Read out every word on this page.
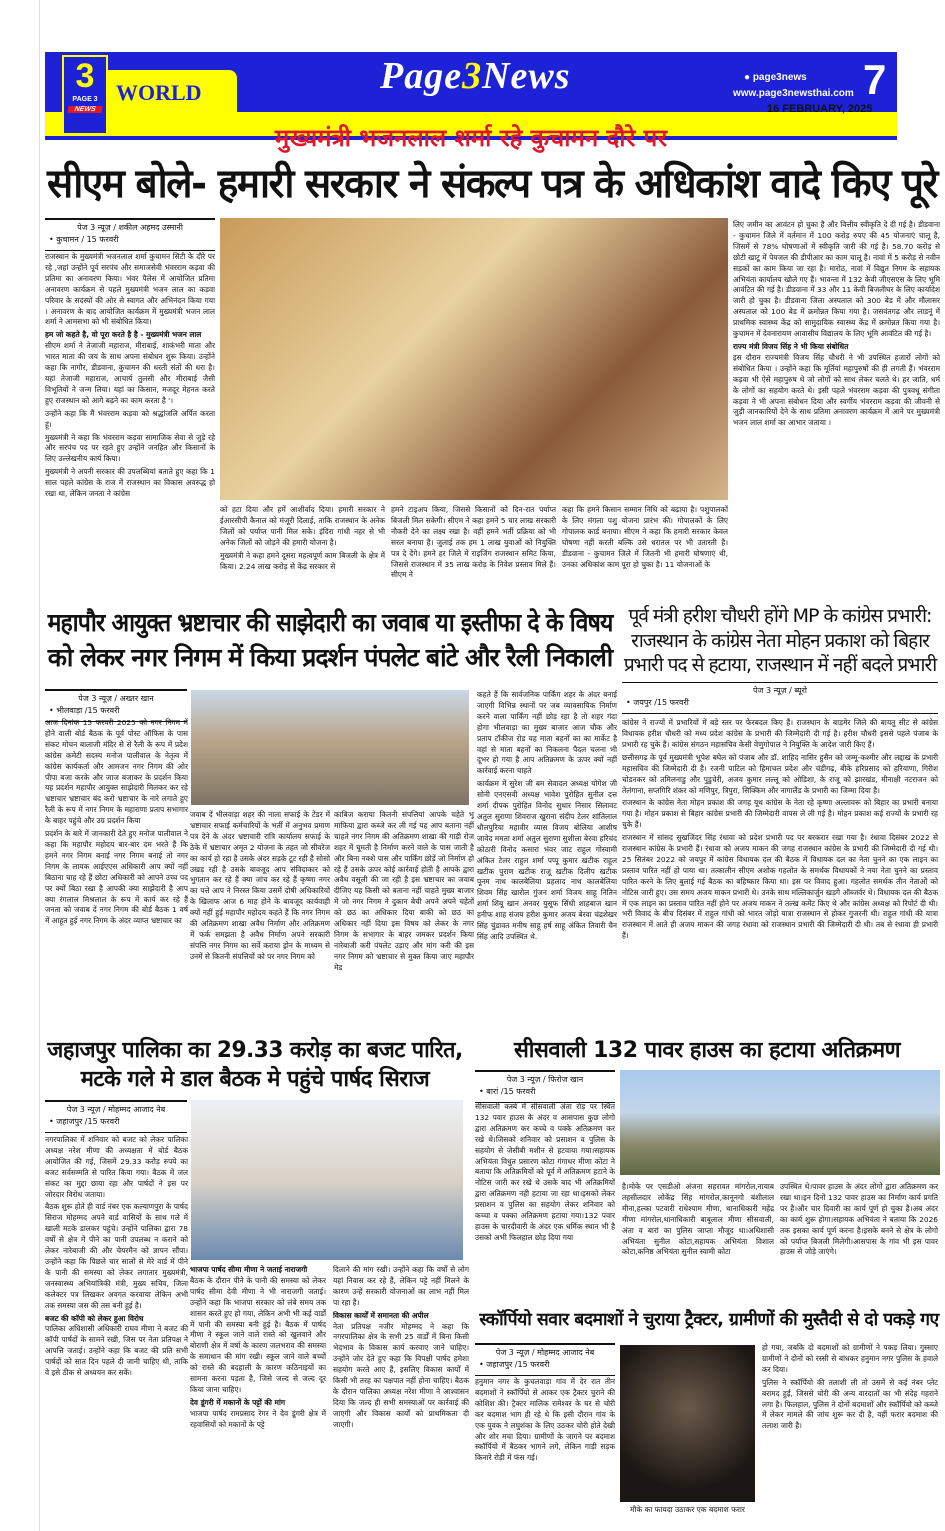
3
PAGE 3
NEWS
WORLD	Page3News	● page3news
www.page3newsthai.com 7
16 FEBRUARY, 2025
मुख्यमंत्री भजनलाल शर्मा रहे कुचामन दौरे पर
सीएम बोले- हमारी सरकार ने संकल्प पत्र के अधिकांश वादे किए पूरे
पेज 3 न्यूज़ / शकील अहमद उस्मानी
• कुचामन / 15 फरवरी

राजस्थान के मुख्यमंत्री भजनलाल शर्मा कुचामन सिटी के दौरे पर रहे ,जहां उन्होंने पूर्व सरपंच और समाजसेवी भंवरराम कड़वा की प्रतिमा का अनावरण किया। भंवर पैलेस में आयोजित प्रतिमा अनावरण कार्यक्रम से पहले मुख्यमंत्री भजन लाल का कड़वा परिवार के सदस्यों की ओर से स्वागत और अभिनंदन किया गया । अनावरण के बाद आयोजित कार्यक्रम में मुख्यमंत्री भजन लाल शर्मा ने आमसभा को भी संबोधित किया।

हम जो कहते है, वो पूरा करते है है - मुख्यमंत्री भजन लाल

सीएम शर्मा ने तेजाजी महाराज, मीराबाई, शाकंभरी माता और भारत माता की जय के साथ अपना संबोधन शुरू किया। उन्होंने कहा कि नागौर, डीडवाना, कुचामन की धरती संतों की धरा है। यहां तेजाजी महाराज, आचार्य तुलसी और मीराबाई जैसी विभूतियों ने जन्म लिया। यहां का किसान, मजदूर मेहनत करते हुए राजस्थान को आगे बढ़ने का काम करता है '।

उन्होंने कहा कि मैं भंवरराम कड़वा को श्रद्धांजलि अर्पित करता हूं।

मुख्यमंत्री ने कहा कि भंवरराम कड़वा सामाजिक सेवा से जुड़े रहे और सरपंच पद पर रहते हुए उन्होंने जनहित और किसानों के लिए उल्लेखनीय कार्य किया।

मुख्यमंत्री ने अपनी सरकार की उपलब्धियां बताते हुए कहा कि 1 साल पहले कांग्रेस के राज में राजस्थान का विकास अवरुद्ध हो रखा था, लेकिन जनता ने कांग्रेस

को हटा दिया और हमें आशीर्वाद दिया। हमारी सरकार ने ईआरसीपी कैनाल को मंजूरी दिलाई, ताकि राजस्थान के अनेक जिलों को पर्याप्त पानी मिल सके। इंदिरा गांधी नहर से भी अनेक जिलों को जोड़ने की हमारी योजना है।

मुख्यमंत्री ने कहा हमने दूसरा महत्वपूर्ण काम बिजली के क्षेत्र में किया। 2.24 लाख करोड़ से केंद्र सरकार से

हमने टाइअप किया, जिससे किसानों को दिन-रात पर्याप्त बिजली मिल सकेगी। सीएम ने कहा हमने 5 चार लाख सरकारी नौकरी देने का लक्ष्य रखा है। वहीं हमने भर्ती प्रक्रिया को भी सरल बनाया है। जुलाई तक हम 1 लाख युवाओं को नियुक्ति पत्र दे देंगे। हमने हर जिले में राइजिंग राजस्थान समिट किया, जिससे राजस्थान में 35 लाख करोड़ के निवेश प्रस्ताव मिले हैं। सीएम ने

कहा कि हमने किसान सम्मान निधि को बढ़ाया है। पशुपालकों के लिए मंगला पशु योजना प्रारंभ की। गोपालकों के लिए गोपालक कार्ड बनाया। सीएम ने कहा कि हमारी सरकार केवल घोषणा नहीं करती बल्कि उसे धरातल पर भी उतारती है। डीडवाना - कुचामन जिले में जितनी भी हमारी घोषणाएं थी, उनका अधिकांश काम पूरा हो चुका है। 11 योजनाओं के

लिए जमीन का आवंटन हो चुका है और वित्तीय स्वीकृति दे दी गई है। डीडवाना - कुचामन जिले में वर्तमान में 100 करोड़ रुपए की 45 योजनाएं चालू है, जिसमें से 78% घोषणाओं में स्वीकृति जारी की गई है। 58.70 करोड़ से छोटी खाटू में पेयजल की डीपीआर का काम चालू है। नावां में 5 करोड़ से नवीन सड़कों का काम किया जा रहा है। मारोठ, नावां में विद्युत निगम के सहायक अभियंता कार्यालय खोले गए हैं। भावन्ता में 132 केवी जीएसएस के लिए भूमि आवंटित की गई है। डीडवाना में 33 और 11 केवी बिजलीघर के लिए कार्यादेश जारी हो चुका है। डीडवाना जिला अस्पताल को 300 बेड में और मौलासर अस्पताल को 100 बेड में क्रमोन्नत किया गया है। जसवंतगढ़ और लाडनूं में प्राथमिक स्वास्थ्य केंद्र को सामुदायिक स्वास्थ्य केंद्र में क्रमोन्नत किया गया है। कुचामन में देवनारायण आवासीय विद्यालय के लिए भूमि आवंटित की गई है।

राज्य मंत्री विजय सिंह ने भी किया संबोधित

इस दौरान राज्यमंत्री विजय सिंह चौधरी ने भी उपस्थित हजारों लोगों को संबोधित किया । उन्होंने कहा कि मूर्तियां महापुरुषों की ही लगती हैं। भंवरराम कड़वा भी ऐसे महापुरुष थे जो लोगों को साथ लेकर चलते थे। हर जाति, धर्म के लोगों का सहयोग करते थे। इसी पहले भंवरराम कड़वा की पुत्रवधू संगीता कड़वा ने भी अपना संबोधन दिया और स्वर्गीय भंवरराम कड़वा की जीवनी से जुड़ी जानकारियों देने के साथ प्रतिमा अनावरण कार्यक्रम में आने पर मुख्यमंत्री भजन लाल शर्मा का आभार जताया ।

महापौर आयुक्त भ्रष्टाचार की साझेदारी का जवाब या इस्तीफा दे के विषय
को लेकर नगर निगम में किया प्रदर्शन पंपलेट बांटे और रैली निकाली
पेज 3 न्यूज़ / अख्तर खान
• भीलवाड़ा /15 फरवरी

आज दिनांक 15 फरवरी 2025 को नगर निगम में होने वाली बोर्ड बैठक के पूर्व पोस्ट ऑफिस के पास संकट मोचन बालाजी मंदिर से से रैली के रूप में प्रदेश कांग्रेस कमेटी सदस्य मनोज पालीवाल के नेतृत्व में कांग्रेस कार्यकर्ता और आमजन नगर निगम की ओर पीपा बजा करके और जाज बजाकर के प्रदर्शन किया यह प्रदर्शन महापौर आयुक्त साझेदारी मिलकर कर रहे भ्रष्टाचार भ्रष्टाचार बंद करो भ्रष्टाचार के नारे लगाते हुए रैली के रूप में नगर निगम के महाराणा प्रताप सभागार के बाहर पहुंचे और उग्र प्रदर्शन किया

प्रदर्शन के बारे में जानकारी देते हुए मनोज पालीवाल ने कहा कि महापौर महोदय बार-बार दम भरते हैं कि हमने नगर निगम बनाई नगर निगम बनाई तो नगर निगम के लायक आईएएस अधिकारी आप क्यों नहीं बिठाना चाह रहे हैं छोटा अधिकारी को आपने उच्च पद पर क्यों बिठा रखा है आपकी क्या साझेदारी है आप क्या रंगलाल मिश्रलाल के रूप में कार्य कर रहे हैं जनता को जवाब दें नगर निगम की बोर्ड बैठक 1 वर्ष में आहूत हुई नगर निगम के अंदर व्याप्त भ्रष्टाचार का

जवाब दें भीलवाड़ा शहर की नाला सफाई के टेंडर में भ्रष्टाचार सफाई कर्मचारियों के भर्ती में अनुभव प्रमाण पत्र देने के अंदर भ्रष्टाचारी रात्रि कार्यालय सफाई के ठेके में भ्रष्टाचार अमृत 2 योजना के तहत जो सीवरेज का कार्य हो रहा है उसके अंदर सड़के टूट रही है सोसो उखड़ रही है उसके बावजूद आप संविदाकार को भुगतान कर रहे हैं क्या जांच कर रहे हैं कृष्णा नगर का पत्ते आप ने निरस्त किया उसमें दोषी अधिकारियों के खिलाफ आज 6 माह होने के बावजूद कार्यवाही क्यों नहीं हुई महापौर महोदय कहते हैं कि नगर निगम की अतिक्रमण शाखा अवैध निर्माण और अतिक्रमण में फर्क समझता है अवैध निर्माण अपने सरकारी संपत्ति नगर निगम का सर्वे कराया ड्रोन के माध्यम से उनमें से कितनी संपत्तियों को पर नगर निगम को

काबिज कराया कितनी संपत्तियां आपके चहेते भू माफिया द्वारा कब्जे कर ली गई यह आप बताना नहीं चाहते नगर निगम की अतिक्रमण शाखा की गाड़ी रोज शहर में घूमती है निर्माण करने वाले के पास जाती है और बिना नक्शे पास और पार्किंग छोड़ें जो निर्माण हो रहे हैं उसके ऊपर कोई कार्रवाई होती है आपके द्वारा अवैध वसूली की जा रही है इस भ्रष्टाचार का जवाब दीजिए यह किसी को बताना नहीं चाहते मुख्य बाजार में जो नगर निगम ने दुकान बेची अपने अपने चहेतों को छठ का अधिकार दिया बाकी को छठ का अधिकार नहीं दिया इस विषय को लेकर के नगर निगम के सभागार के बाहर जमकर प्रदर्शन किया नारेबाजी करी पंपलेट उड़ाए और मांग करी की इस नगर निगम को भ्रष्टाचार से मुक्त किया जाए महापौर मेड

कहते हैं कि सार्वजनिक पार्किंग शहर के अंदर बनाई जाएगी विभिन्न स्थानों पर जब व्यावसायिक निर्माण करने वाला पार्किंग नहीं छोड़ रहा है तो शहर गंदा होगा भीलवाड़ा का मुख्य बाजार आज चौक और प्रताप टॉकीज रोड यह माता बहनों का का मार्केट है वहां से माता बहनों का निकलना पैदल चलना भी दूभर हो गया है आप अतिक्रमण के ऊपर क्यों नहीं कार्रवाई करना चाहते

कार्यक्रम में सुरेश जी बम सेवादल अध्यक्ष योगेश जी सोनी एनएसवी अध्यक्ष भावेश पुरोहित सुनील दत्त शर्मा दीपक पुरोहित विनोद सुथार निसार सिलावट अतुल सुराणा शिवराज खुराना संदीप टेलर शांतिलाल धौलपुरिया महावीर व्यास विजय बोलिया आशीष जावेद ममता शर्मा अतुल सुराणा सुशीला बेरवा हरिचंद कोठारी विनोद कसारा भंवर जाट राहुल गोस्वामी अंकित टेलर राहुल शर्मा पप्पू कुमार खटीक राहुल खटीक पुराण खटीक राजू खटीक दिलीप खटीक पूनम नाथ कालबेलिया प्रहलाद नाथ कालबेलिया शिवम सिंह खारोल गुंजन शर्मा विजय साहू नितिन शर्मा शिबू खान अनवर युसूफ सिंधी शाहबाज खान हनीफ शाह संजय हरीश कुमार अजय बेरवा चंद्रशेखर सिंह चुंडावत मनीष साहू हर्ष साहू अंकित तिवारी चैन सिंह आदि उपस्थित थे.

पूर्व मंत्री हरीश चौधरी होंगे MP के कांग्रेस प्रभारी: राजस्थान के कांग्रेस नेता मोहन प्रकाश को बिहार प्रभारी पद से हटाया, राजस्थान में नहीं बदले प्रभारी
पेज 3 न्यूज़ / ब्यूरो
• जयपुर /15 फरवरी

कांग्रेस ने राज्यों में प्रभारियों में बड़े स्तर पर फेरबदल किए हैं। राजस्थान के बाड़मेर जिले की बायतु सीट से कांग्रेस विधायक हरीश चौधरी को मध्य प्रदेश कांग्रेस के प्रभारी की जिम्मेदारी दी गई है। हरीश चौधरी इससे पहले पंजाब के प्रभारी रह चुके हैं। कांग्रेस संगठन महासचिव केसी वेणुगोपाल ने नियुक्ति के आदेश जारी किए हैं।

छत्तीसगढ़ के पूर्व मुख्यमंत्री भूपेश बघेल को पंजाब और डॉ. शाहिद नासिर हुसैन को जम्मू-कश्मीर और लद्दाख के प्रभारी महासचिव की जिम्मेदारी दी है। रजनी पाटिल को हिमाचल प्रदेश और चंडीगढ़, बीके हरिप्रसाद को हरियाणा, गिरीश चोडनकर को तमिलनाडु और पुडुचेरी, अजय कुमार लल्लू को ओडिशा, के राजू को झारखंड, मीनाक्षी नटराजन को तेलंगाना, सप्तगिरि शंकर को मणिपुर, त्रिपुरा, सिक्किम और नागालैंड के प्रभारी का जिम्मा दिया है।

राजस्थान के कांग्रेस नेता मोहन प्रकाश की जगह यूथ कांग्रेस के नेता रहे कृष्णा अल्लावरू को बिहार का प्रभारी बनाया गया है। मोहन प्रकाश से बिहार कांग्रेस प्रभारी की जिम्मेदारी वापस ले ली गई है। मोहन प्रकाश कई राज्यों के प्रभारी रह चुके हैं।

राजस्थान में सांसद सुखजिंदर सिंह रंधावा को प्रदेश प्रभारी पद पर बरकरार रखा गया है। रंधावा दिसंबर 2022 से राजस्थान कांग्रेस के प्रभारी हैं। रंधावा को अजय माकन की जगह राजस्थान कांग्रेस के प्रभारी की जिम्मेदारी दी गई थी। 25 सितंबर 2022 को जयपुर में कांग्रेस विधायक दल की बैठक में विधायक दल का नेता चुनने का एक लाइन का प्रस्ताव पारित नहीं हो पाया था। तत्कालीन सीएम अशोक गहलोत के समर्थक विधायकों ने नया नेता चुनने का प्रस्ताव पारित करने के लिए बुलाई गई बैठक का बहिष्कार किया था। इस पर विवाद हुआ। गहलोत समर्थक तीन नेताओं को नोटिस जारी हुए। उस समय अजय माकन प्रभारी थे। उनके साथ मल्लिकार्जुन खड़गे ऑब्जर्वर थे। विधायक दल की बैठक में एक लाइन का प्रस्ताव पारित नहीं होने पर अजय माकन ने तल्ख कमेंट किए थे और कांग्रेस अध्यक्ष को रिपोर्ट दी थी। भरी विवाद के बीच दिसंबर में राहुल गांधी को भारत जोड़ो यात्रा राजस्थान से होकर गुजरनी थी। राहुल गांधी की यात्रा राजस्थान में आते ही अजय माकन की जगह रंधावा को राजस्थान प्रभारी की जिम्मेदारी दी थी। तब से रंधावा ही प्रभारी हैं।

जहाजपुर पालिका का 29.33 करोड़ का बजट पारित,
मटके गले मे डाल बैठक मे पहुंचे पार्षद सिराज
पेज 3 न्यूज़ / मोहम्मद आजाद नेब
• जहाजपुर /15 फरवरी

नगरपालिका में शनिवार को बजट को लेकर पालिका अध्यक्ष नरेश मीणा की अध्यक्षता में बोर्ड बैठक आयोजित की गई, जिसमें 29.33 करोड़ रुपये का बजट सर्वसम्मति से पारित किया गया। बैठक में जल संकट का मुद्दा छाया रहा और पार्षदों ने इस पर जोरदार विरोध जताया।

बैठक शुरू होते ही वार्ड नंबर एक कल्याणपुरा के पार्षद सिराज मोहम्मद अपने वार्ड वासियों के साथ गले में खाली मटके डालकर पहुंचे। उन्होंने पालिका द्वारा 78 वर्षों से क्षेत्र में पीने का पानी उपलब्ध न कराने को लेकर नारेबाजी की और चेयरमैन को ज्ञापन सौंपा। उन्होंने कहा कि पिछले चार सालों से मेरे वार्ड में पीने के पानी की समस्या को लेकर लगातार मुख्यमंत्री, जनस्वास्थ्य अभियांत्रिकी मंत्री, मुख्य सचिव, जिला कलेक्टर पत्र लिखकर अवगत करवाया लेकिन अभी तक समस्या जस की तस बनी हुई है।

बजट की कॉपी को लेकर हुआ विरोध

पालिका अधिशासी अधिकारी राघव मीणा ने बजट की कॉपी पार्षदों के सामने रखी, जिस पर नेता प्रतिपक्ष ने आपत्ति जताई। उन्होंने कहा कि बजट की प्रति सभी पार्षदों को सात दिन पहले दी जानी चाहिए थी, ताकि वे इसे ठीक से अध्ययन कर सकें।

भाजपा पार्षद सीमा मीणा ने जताई नाराजगी

बैठक के दौरान पीने के पानी की समस्या को लेकर पार्षद सीमा देवी मीणा ने भी नाराजगी जताई। उन्होंने कहा कि भाजपा सरकार को लंबे समय तक शासन करते हुए हो गया, लेकिन अभी भी कई वार्डों में पानी की समस्या बनी हुई है। बैठक में पार्षद मीणा ने स्कूल जाने वाले रास्ते को खुलवाने और बोराणी क्षेत्र में वर्षा के कारण जलभराव की समस्या के समाधान की मांग रखी। स्कूल जाने वाले बच्चों को रास्ते की बदहाली के कारण कठिनाइयों का सामना करना पड़ता है, जिसे जल्द से जल्द दूर किया जाना चाहिए।

देव डूंगरी में मकानों के पट्टों की मांग

भाजपा पार्षद रामप्रसाद रेगर ने देव डूंगरी क्षेत्र में रहवासियों को मकानों के पट्टे

दिलाने की मांग रखी। उन्होंने कहा कि वर्षों से लोग यहां निवास कर रहे हैं, लेकिन पट्टे नहीं मिलने के कारण उन्हें सरकारी योजनाओं का लाभ नहीं मिल पा रहा है।

विकास कार्यों में समानता की अपील

नेता प्रतिपक्ष नजीर मोहम्मद ने कहा कि नगरपालिका क्षेत्र के सभी 25 वार्डों में बिना किसी भेदभाव के विकास कार्य करवाए जाने चाहिए। उन्होंने जोर देते हुए कहा कि विपक्षी पार्षद हमेशा सहयोग करते आए हैं, इसलिए विकास कार्यों में किसी भी तरह का पक्षपात नहीं होना चाहिए। बैठक के दौरान पालिका अध्यक्ष नरेश मीणा ने आश्वासन दिया कि जल्द ही सभी समस्याओं पर कार्रवाई की जाएगी और विकास कार्यों को प्राथमिकता दी जाएगी।

सीसवाली 132 पावर हाउस का हटाया अतिक्रमण
पेज 3 न्यूज़ / फिरोज खान
• बारां /15 फरवरी

सीसवाली कस्बे में सीसवाली अंता रोड़ पर स्थित 132 पवार हाउस के अंदर व आसपास कुछ लोगो द्वारा अतिक्रमण कर कच्चे व पक्के अतिक्रमण कर रखे थे।जिसको शनिवार को प्रसाशन व पुलिस के सहयोग से जेसीबी मशीन से हटवाया गया।सहायक अभियंता विधुत प्रसारण कोटा गंगाधर मीणा कोटा ने बताया कि अतिक्रमियों को पूर्व में अतिक्रमण हटाने के नोटिस जारी कर रखे थे उसके बाद भी अतिक्रमियों द्वारा अतिक्रमण नही हटाया जा रहा था।इसको लेकर प्रसाशन व पुलिस का सहयोग लेकर शनिवार को कच्चा व पक्का अतिक्रमण हटाया गया।132 पवार हाउस के चारदीवारी के अंदर एक धर्मिक स्थान भी है उसको अभी फिलहाल छोड़ दिया गया

है।मोके पर एसडीओ अंजना सहरावत मांगरोल,नायाब तहसीलदार लोकेंद्र सिंह मांगरोल,कानूनगो बंशीलाल मीना,हल्का पटवारी राधेश्याम मीणा, थानाधिकारी महेंद्र मीणा मांगरोल,थानाधिकारी बाबूलाल मीणा सीसवाली, अंता व बारां का पुलिस जाप्ता मौजूद था।अधिशासी अभियंता सुनील कोटा,सहायक अभियंता विशाल कोटा,कनिष्ठ अभियंता सुनील स्वामी कोटा

उपस्थित थे।पावर हाउस के अंदर लोगो द्वारा अतिक्रमण कर रखा था।इन दिनों 132 पावर हाउस का निर्माण कार्य प्रगति पर है।और चार दिवारी का कार्य पूर्ण हो चुका है।अब अंदर का कार्य शुरू होगा।सहायक अभियंता ने बताया कि 2026 तक इसका कार्य पूर्ण करना है।इसके बनने से क्षेत्र के लोगो को पर्याप्त बिजली मिलेगी।आसपास के गांव भी इस पावर हाउस से जोड़े जाएंगे।

स्कॉर्पियो सवार बदमाशों ने चुराया ट्रैक्टर, ग्रामीणों की मुस्तैदी से दो पकड़े गए
पेज 3 न्यूज़ / मोहम्मद आजाद नेब
• जहाजपुर /15 फरवरी

हनुमान नगर के कुचलवाड़ा गांव में देर रात तीन बदमाशों ने स्कॉर्पियो से आकर एक ट्रैक्टर चुराने की कोशिश की। ट्रैक्टर मालिक रामेश्वर के घर से चोरी कर बदमाश भाग ही रहे थे कि इसी दौरान गांव के एक युवक ने लघुशंका के लिए उठकर चोरी होते देखी और शोर मचा दिया। ग्रामीणों के जागने पर बदमाश स्कॉर्पियो में बैठकर भागने लगे, लेकिन गाड़ी सड़क किनारे रोड़ी में फंस गई।

मौके का फायदा उठाकर एक बदमाश फरार

हो गया, जबकि दो बदमाशों को ग्रामीणों ने पकड़ लिया। गुस्साए ग्रामीणों ने दोनों को रस्सी से बांधकर हनुमान नगर पुलिस के हवाले कर दिया।

पुलिस ने स्कॉर्पियो की तलाशी ली तो उसमें से कई नंबर प्लेट बरामद हुईं, जिससे चोरी की अन्य वारदातों का भी संदेह गहराने लगा है। फिलहाल, पुलिस ने दोनों बदमाशों और स्कॉर्पियो को कब्जे में लेकर मामले की जांच शुरू कर दी है, वहीं फरार बदमाश की तलाश जारी है।
